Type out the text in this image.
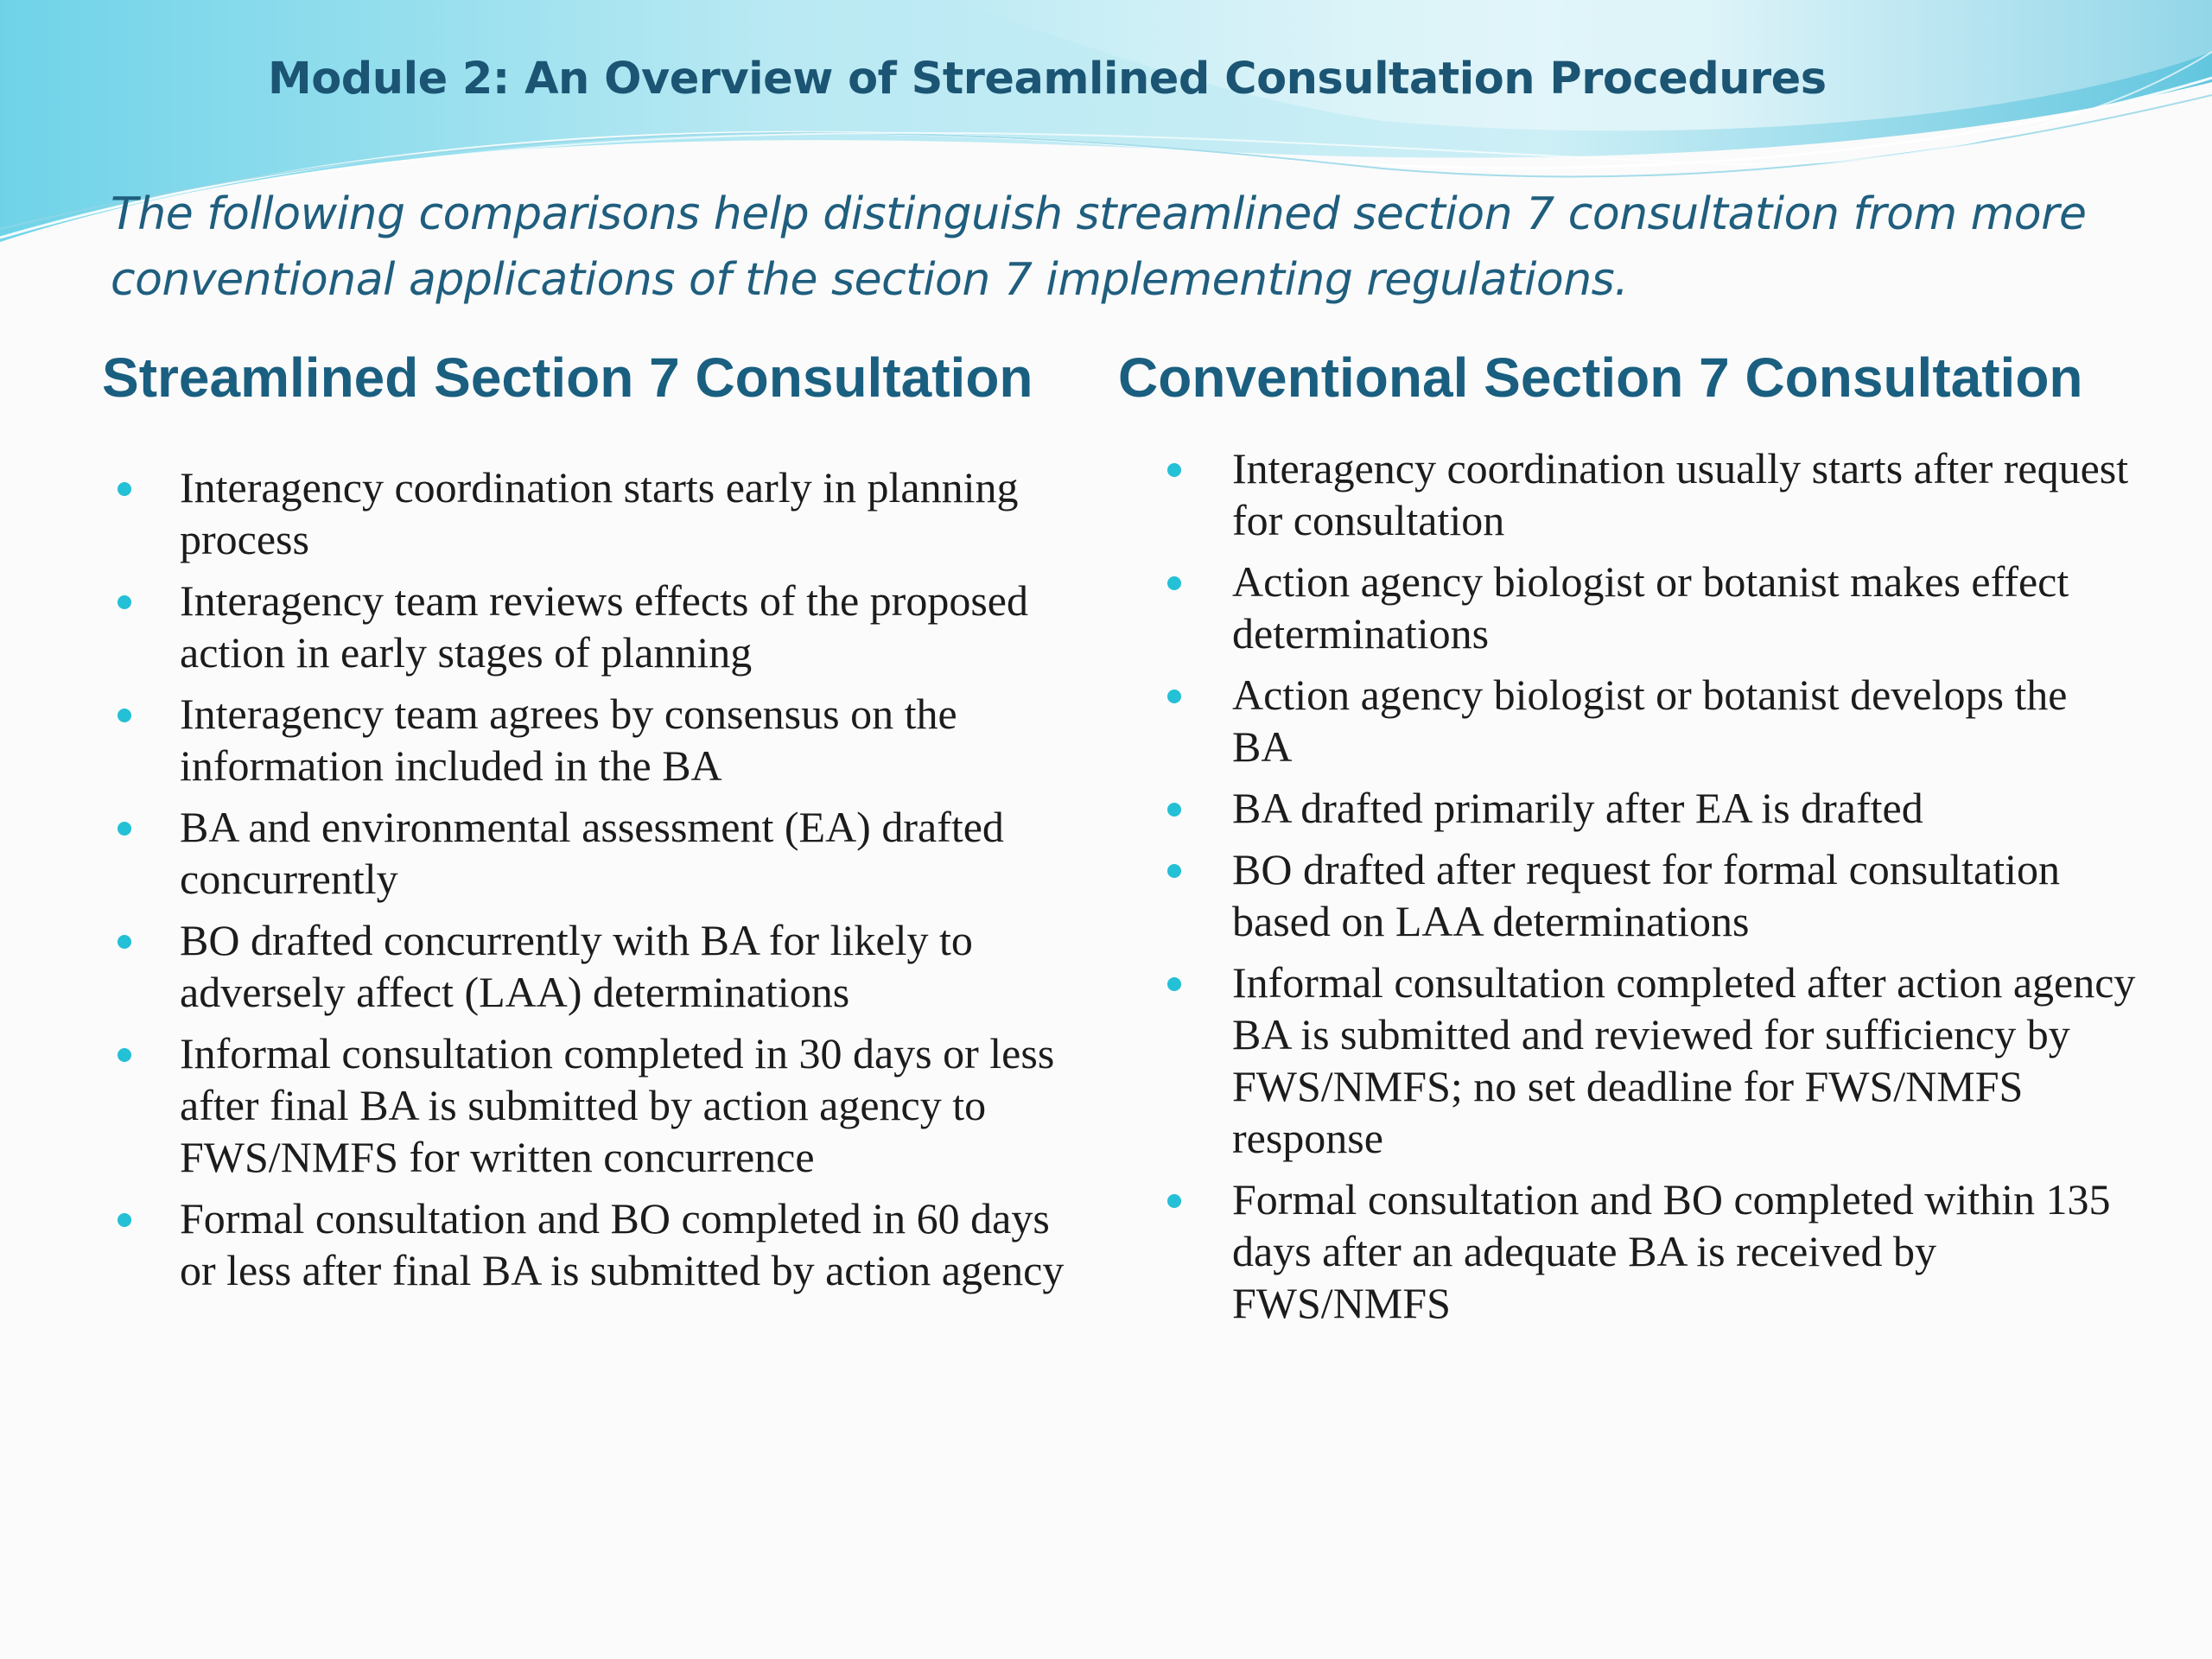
Module 2: An Overview of Streamlined Consultation Procedures

The following comparisons help distinguish streamlined section 7 consultation from more conventional applications of the section 7 implementing regulations.

Streamlined Section 7 Consultation Conventional Section 7 Consultation
Interagency coordination starts early in planning process
Interagency team reviews effects of the proposed action in early stages of planning
Interagency team agrees by consensus on the information included in the BA
BA and environmental assessment (EA) drafted concurrently
BO drafted concurrently with BA for likely to adversely affect (LAA) determinations
Informal consultation completed in 30 days or less after final BA is submitted by action agency to FWS/NMFS for written concurrence
Formal consultation and BO completed in 60 days or less after final BA is submitted by action agency
Interagency coordination usually starts after request for consultation
Action agency biologist or botanist makes effect determinations
Action agency biologist or botanist develops the BA
BA drafted primarily after EA is drafted
BO drafted after request for formal consultation based on LAA determinations
Informal consultation completed after action agency BA is submitted and reviewed for sufficiency by FWS/NMFS; no set deadline for FWS/NMFS response
Formal consultation and BO completed within 135 days after an adequate BA is received by FWS/NMFS
